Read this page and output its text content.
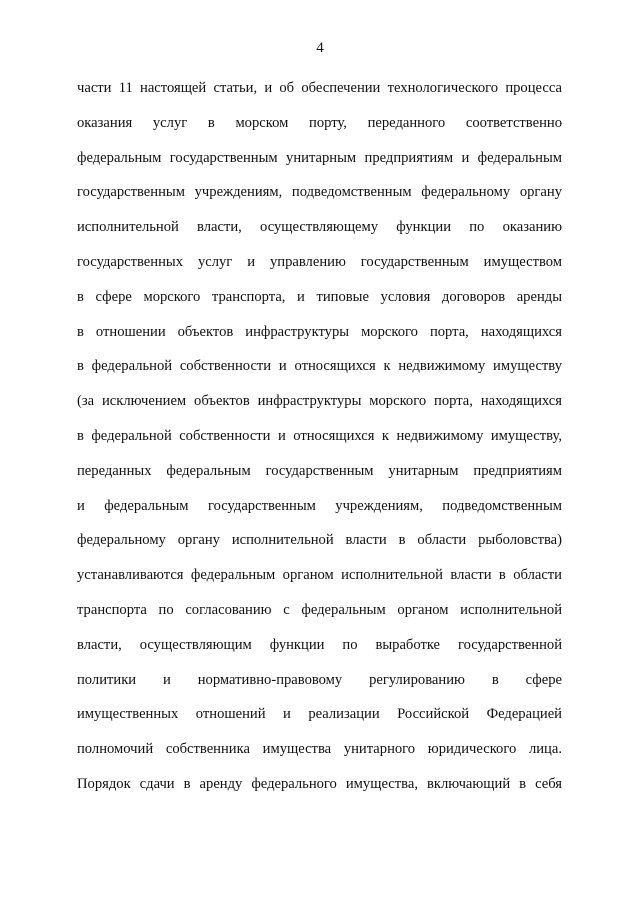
4
части 11 настоящей статьи, и об обеспечении технологического процесса
оказания услуг в морском порту, переданного соответственно
федеральным государственным унитарным предприятиям и федеральным
государственным учреждениям, подведомственным федеральному органу
исполнительной власти, осуществляющему функции по оказанию
государственных услуг и управлению государственным имуществом
в сфере морского транспорта, и типовые условия договоров аренды
в отношении объектов инфраструктуры морского порта, находящихся
в федеральной собственности и относящихся к недвижимому имуществу
(за исключением объектов инфраструктуры морского порта, находящихся
в федеральной собственности и относящихся к недвижимому имуществу,
переданных федеральным государственным унитарным предприятиям
и федеральным государственным учреждениям, подведомственным
федеральному органу исполнительной власти в области рыболовства)
устанавливаются федеральным органом исполнительной власти в области
транспорта по согласованию с федеральным органом исполнительной
власти, осуществляющим функции по выработке государственной
политики и нормативно-правовому регулированию в сфере
имущественных отношений и реализации Российской Федерацией
полномочий собственника имущества унитарного юридического лица.
Порядок сдачи в аренду федерального имущества, включающий в себя
